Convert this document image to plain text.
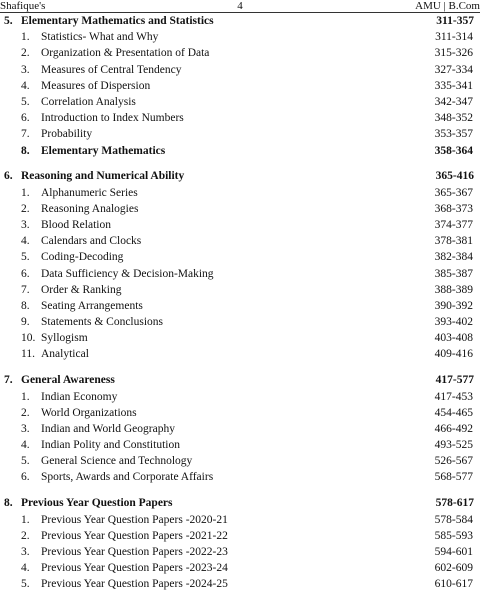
Shafique's	4	AMU | B.Com
5. Elementary Mathematics and Statistics	311-357
1. Statistics- What and Why	311-314
2. Organization & Presentation of Data	315-326
3. Measures of Central Tendency	327-334
4. Measures of Dispersion	335-341
5. Correlation Analysis	342-347
6. Introduction to Index Numbers	348-352
7. Probability	353-357
8. Elementary Mathematics	358-364
6. Reasoning and Numerical Ability	365-416
1. Alphanumeric Series	365-367
2. Reasoning Analogies	368-373
3. Blood Relation	374-377
4. Calendars and Clocks	378-381
5. Coding-Decoding	382-384
6. Data Sufficiency & Decision-Making	385-387
7. Order & Ranking	388-389
8. Seating Arrangements	390-392
9. Statements & Conclusions	393-402
10. Syllogism	403-408
11. Analytical	409-416
7. General Awareness	417-577
1. Indian Economy	417-453
2. World Organizations	454-465
3. Indian and World Geography	466-492
4. Indian Polity and Constitution	493-525
5. General Science and Technology	526-567
6. Sports, Awards and Corporate Affairs	568-577
8. Previous Year Question Papers	578-617
1. Previous Year Question Papers -2020-21	578-584
2. Previous Year Question Papers -2021-22	585-593
3. Previous Year Question Papers -2022-23	594-601
4. Previous Year Question Papers -2023-24	602-609
5. Previous Year Question Papers -2024-25	610-617
